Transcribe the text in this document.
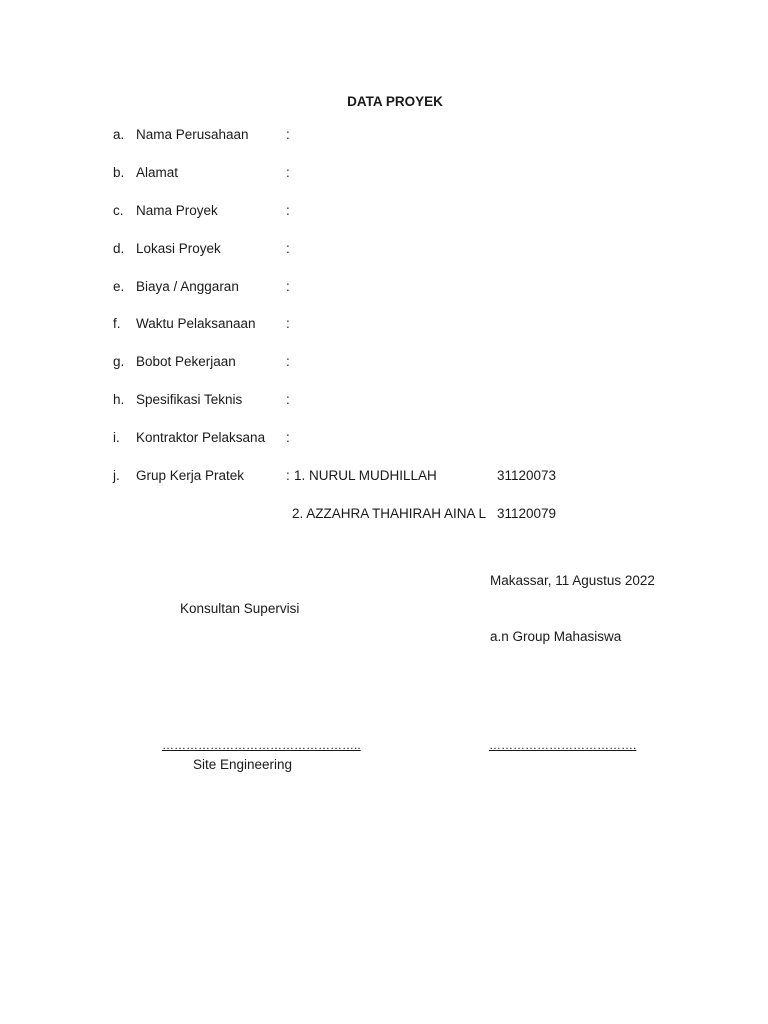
DATA PROYEK
a. Nama Perusahaan	:
b. Alamat	:
c. Nama Proyek	:
d. Lokasi Proyek	:
e. Biaya / Anggaran	:
f. Waktu Pelaksanaan :
g. Bobot Pekerjaan	:
h. Spesifikasi Teknis	:
i. Kontraktor Pelaksana :
j. Grup Kerja Pratek	: 1. NURUL MUDHILLAH	31120073
2. AZZAHRA THAHIRAH AINA L 31120079
Makassar, 11 Agustus 2022
Konsultan Supervisi
a.n Group Mahasiswa
…………………………………………..	……………………………….
Site Engineering
